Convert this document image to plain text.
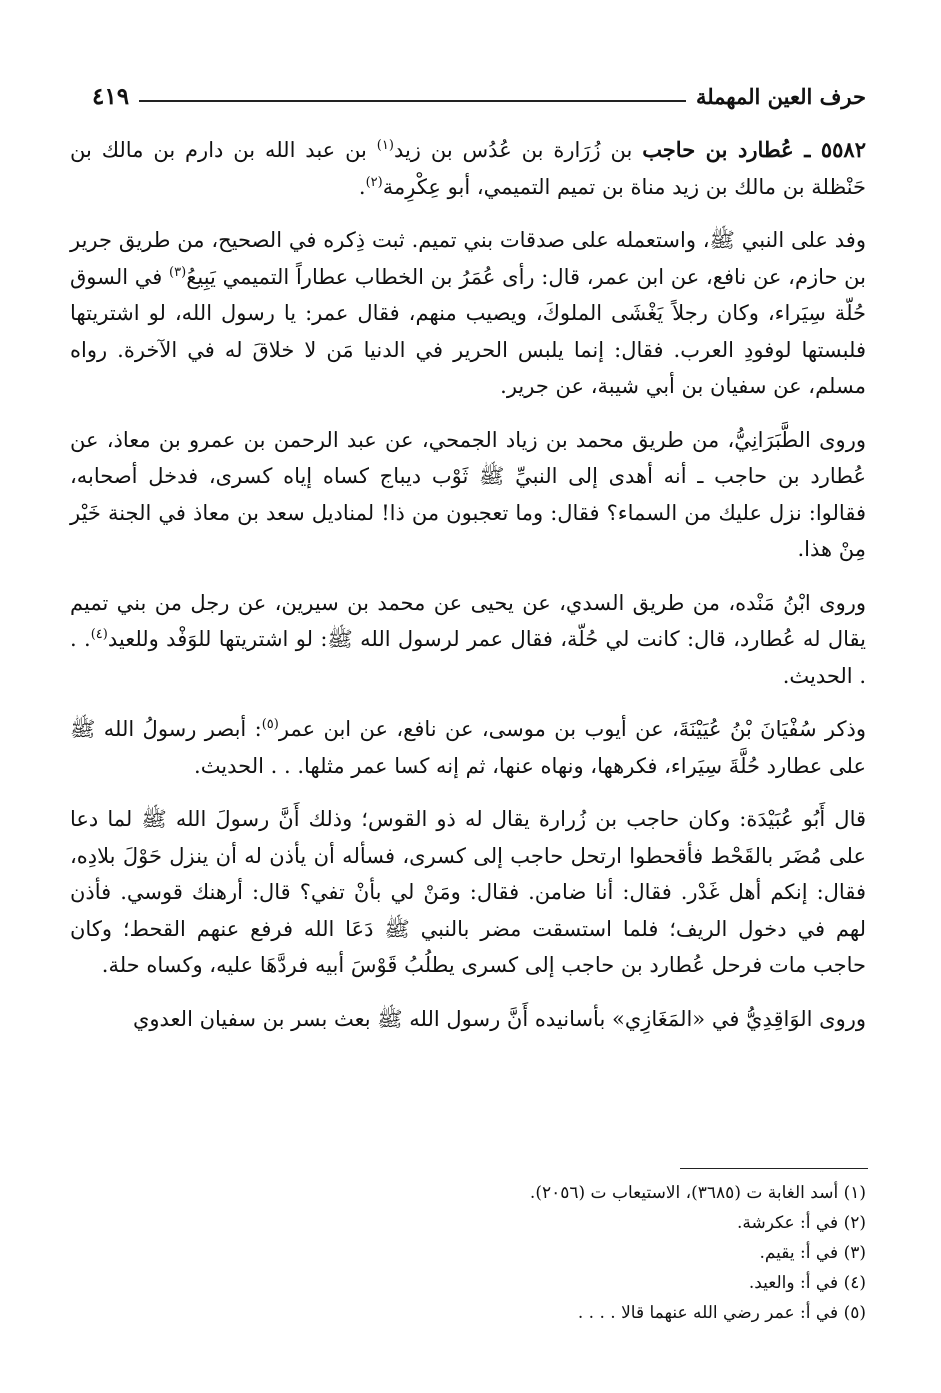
حرف العين المهملة
٤١٩

٥٥٨٢ ـ عُطارد بن حاجب بن زُرَارة بن عُدُس بن زيد$^{(١)}$ بن عبد الله بن دارم بن مالك بن حَنْظلة بن مالك بن زيد مناة بن تميم التميمي، أبو عِكْرِمة$^{(٢)}$.

وفد على النبي ﷺ، واستعمله على صدقات بني تميم. ثبت ذِكره في الصحيح، من طريق جرير بن حازم، عن نافع، عن ابن عمر، قال: رأى عُمَرُ بن الخطاب عطاراً التميمي يَبِيعُ$^{(٣)}$ في السوق حُلّة سِيَراء، وكان رجلاً يَغْشَى الملوكَ، ويصيب منهم، فقال عمر: يا رسول الله، لو اشتريتها فلبستها لوفودِ العرب. فقال: إنما يلبس الحرير في الدنيا مَن لا خلاقَ له في الآخرة. رواه مسلم، عن سفيان بن أبي شيبة، عن جرير.

وروى الطَّبَرَانِيُّ، من طريق محمد بن زياد الجمحي، عن عبد الرحمن بن عمرو بن معاذ، عن عُطارد بن حاجب ـ أنه أهدى إلى النبيِّ ﷺ ثَوْب ديباج كساه إياه كسرى، فدخل أصحابه، فقالوا: نزل عليك من السماء؟ فقال: وما تعجبون من ذا! لمناديل سعد بن معاذ في الجنة خَيْر مِنْ هذا.

وروى ابْنُ مَنْده، من طريق السدي، عن يحيى عن محمد بن سيرين، عن رجل من بني تميم يقال له عُطارد، قال: كانت لي حُلّة، فقال عمر لرسول الله ﷺ: لو اشتريتها للوَفْد وللعيد$^{(٤)}$. . . الحديث.

وذكر سُفْيَانَ بْنُ عُيَيْنَةَ، عن أيوب بن موسى، عن نافع، عن ابن عمر$^{(٥)}$: أبصر رسولُ الله ﷺ على عطارد حُلَّةَ سِيَراء، فكرهها، ونهاه عنها، ثم إنه كسا عمر مثلها. . . الحديث.

قال أَبُو عُبَيْدَة: وكان حاجب بن زُرارة يقال له ذو القوس؛ وذلك أَنَّ رسولَ الله ﷺ لما دعا على مُضَر بالقَحْط فأقحطوا ارتحل حاجب إلى كسرى، فسأله أن يأذن له أن ينزل حَوْلَ بلادِه، فقال: إنكم أهل غَدْر. فقال: أنا ضامن. فقال: ومَنْ لي بأنْ تفي؟ قال: أرهنك قوسي. فأذن لهم في دخول الريف؛ فلما استسقت مضر بالنبي ﷺ دَعَا الله فرفع عنهم القحط؛ وكان حاجب مات فرحل عُطارد بن حاجب إلى كسرى يطلُبُ قَوْسَ أبيه فردَّهَا عليه، وكساه حلة.

وروى الوَاقِدِيُّ في «المَغَازِي» بأسانيده أَنَّ رسول الله ﷺ بعث بسر بن سفيان العدوي

(١) أسد الغابة ت (٣٦٨٥)، الاستيعاب ت (٢٠٥٦).

(٢) في أ: عكرشة.

(٣) في أ: يقيم.

(٤) في أ: والعيد.

(٥) في أ: عمر رضي الله عنهما قالا . . . .
